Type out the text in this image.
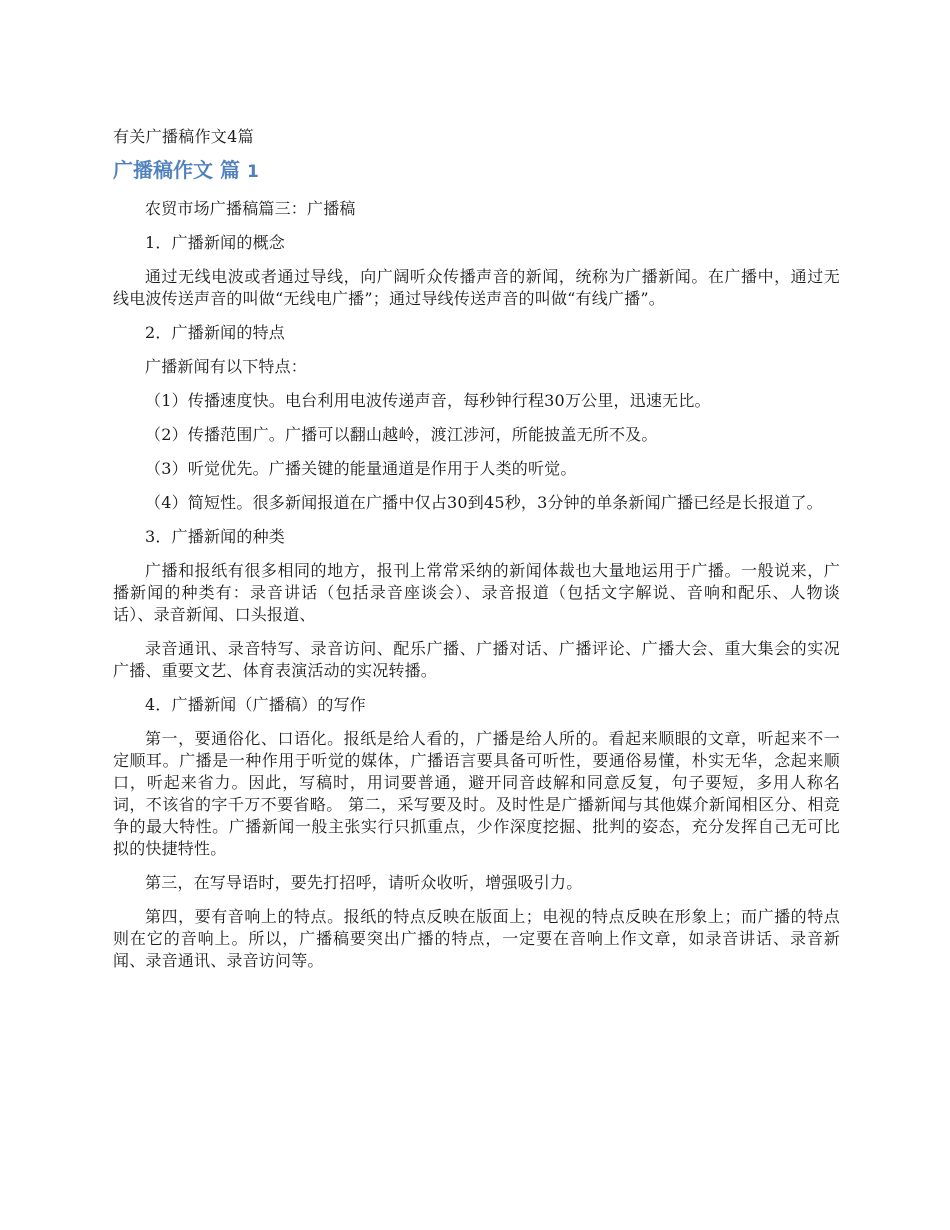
有关广播稿作文4篇
广播稿作文 篇 1

农贸市场广播稿篇三：广播稿

1．广播新闻的概念

通过无线电波或者通过导线，向广阔听众传播声音的新闻，统称为广播新闻。在广播中，通过无线电波传送声音的叫做“无线电广播”；通过导线传送声音的叫做“有线广播”。

2．广播新闻的特点

广播新闻有以下特点：

（1）传播速度快。电台利用电波传递声音，每秒钟行程30万公里，迅速无比。

（2）传播范围广。广播可以翻山越岭，渡江涉河，所能披盖无所不及。

（3）听觉优先。广播关键的能量通道是作用于人类的听觉。

（4）简短性。很多新闻报道在广播中仅占30到45秒，3分钟的单条新闻广播已经是长报道了。

3．广播新闻的种类

广播和报纸有很多相同的地方，报刊上常常采纳的新闻体裁也大量地运用于广播。一般说来，广播新闻的种类有：录音讲话（包括录音座谈会）、录音报道（包括文字解说、音响和配乐、人物谈话）、录音新闻、口头报道、

录音通讯、录音特写、录音访问、配乐广播、广播对话、广播评论、广播大会、重大集会的实况广播、重要文艺、体育表演活动的实况转播。

4．广播新闻（广播稿）的写作

第一，要通俗化、口语化。报纸是给人看的，广播是给人所的。看起来顺眼的文章，听起来不一定顺耳。广播是一种作用于听觉的媒体，广播语言要具备可听性，要通俗易懂，朴实无华，念起来顺口，听起来省力。因此，写稿时，用词要普通，避开同音歧解和同意反复，句子要短，多用人称名词，不该省的字千万不要省略。 第二，采写要及时。及时性是广播新闻与其他媒介新闻相区分、相竞争的最大特性。广播新闻一般主张实行只抓重点，少作深度挖掘、批判的姿态，充分发挥自己无可比拟的快捷特性。

第三，在写导语时，要先打招呼，请听众收听，增强吸引力。

第四，要有音响上的特点。报纸的特点反映在版面上；电视的特点反映在形象上；而广播的特点则在它的音响上。所以，广播稿要突出广播的特点，一定要在音响上作文章，如录音讲话、录音新闻、录音通讯、录音访问等。
